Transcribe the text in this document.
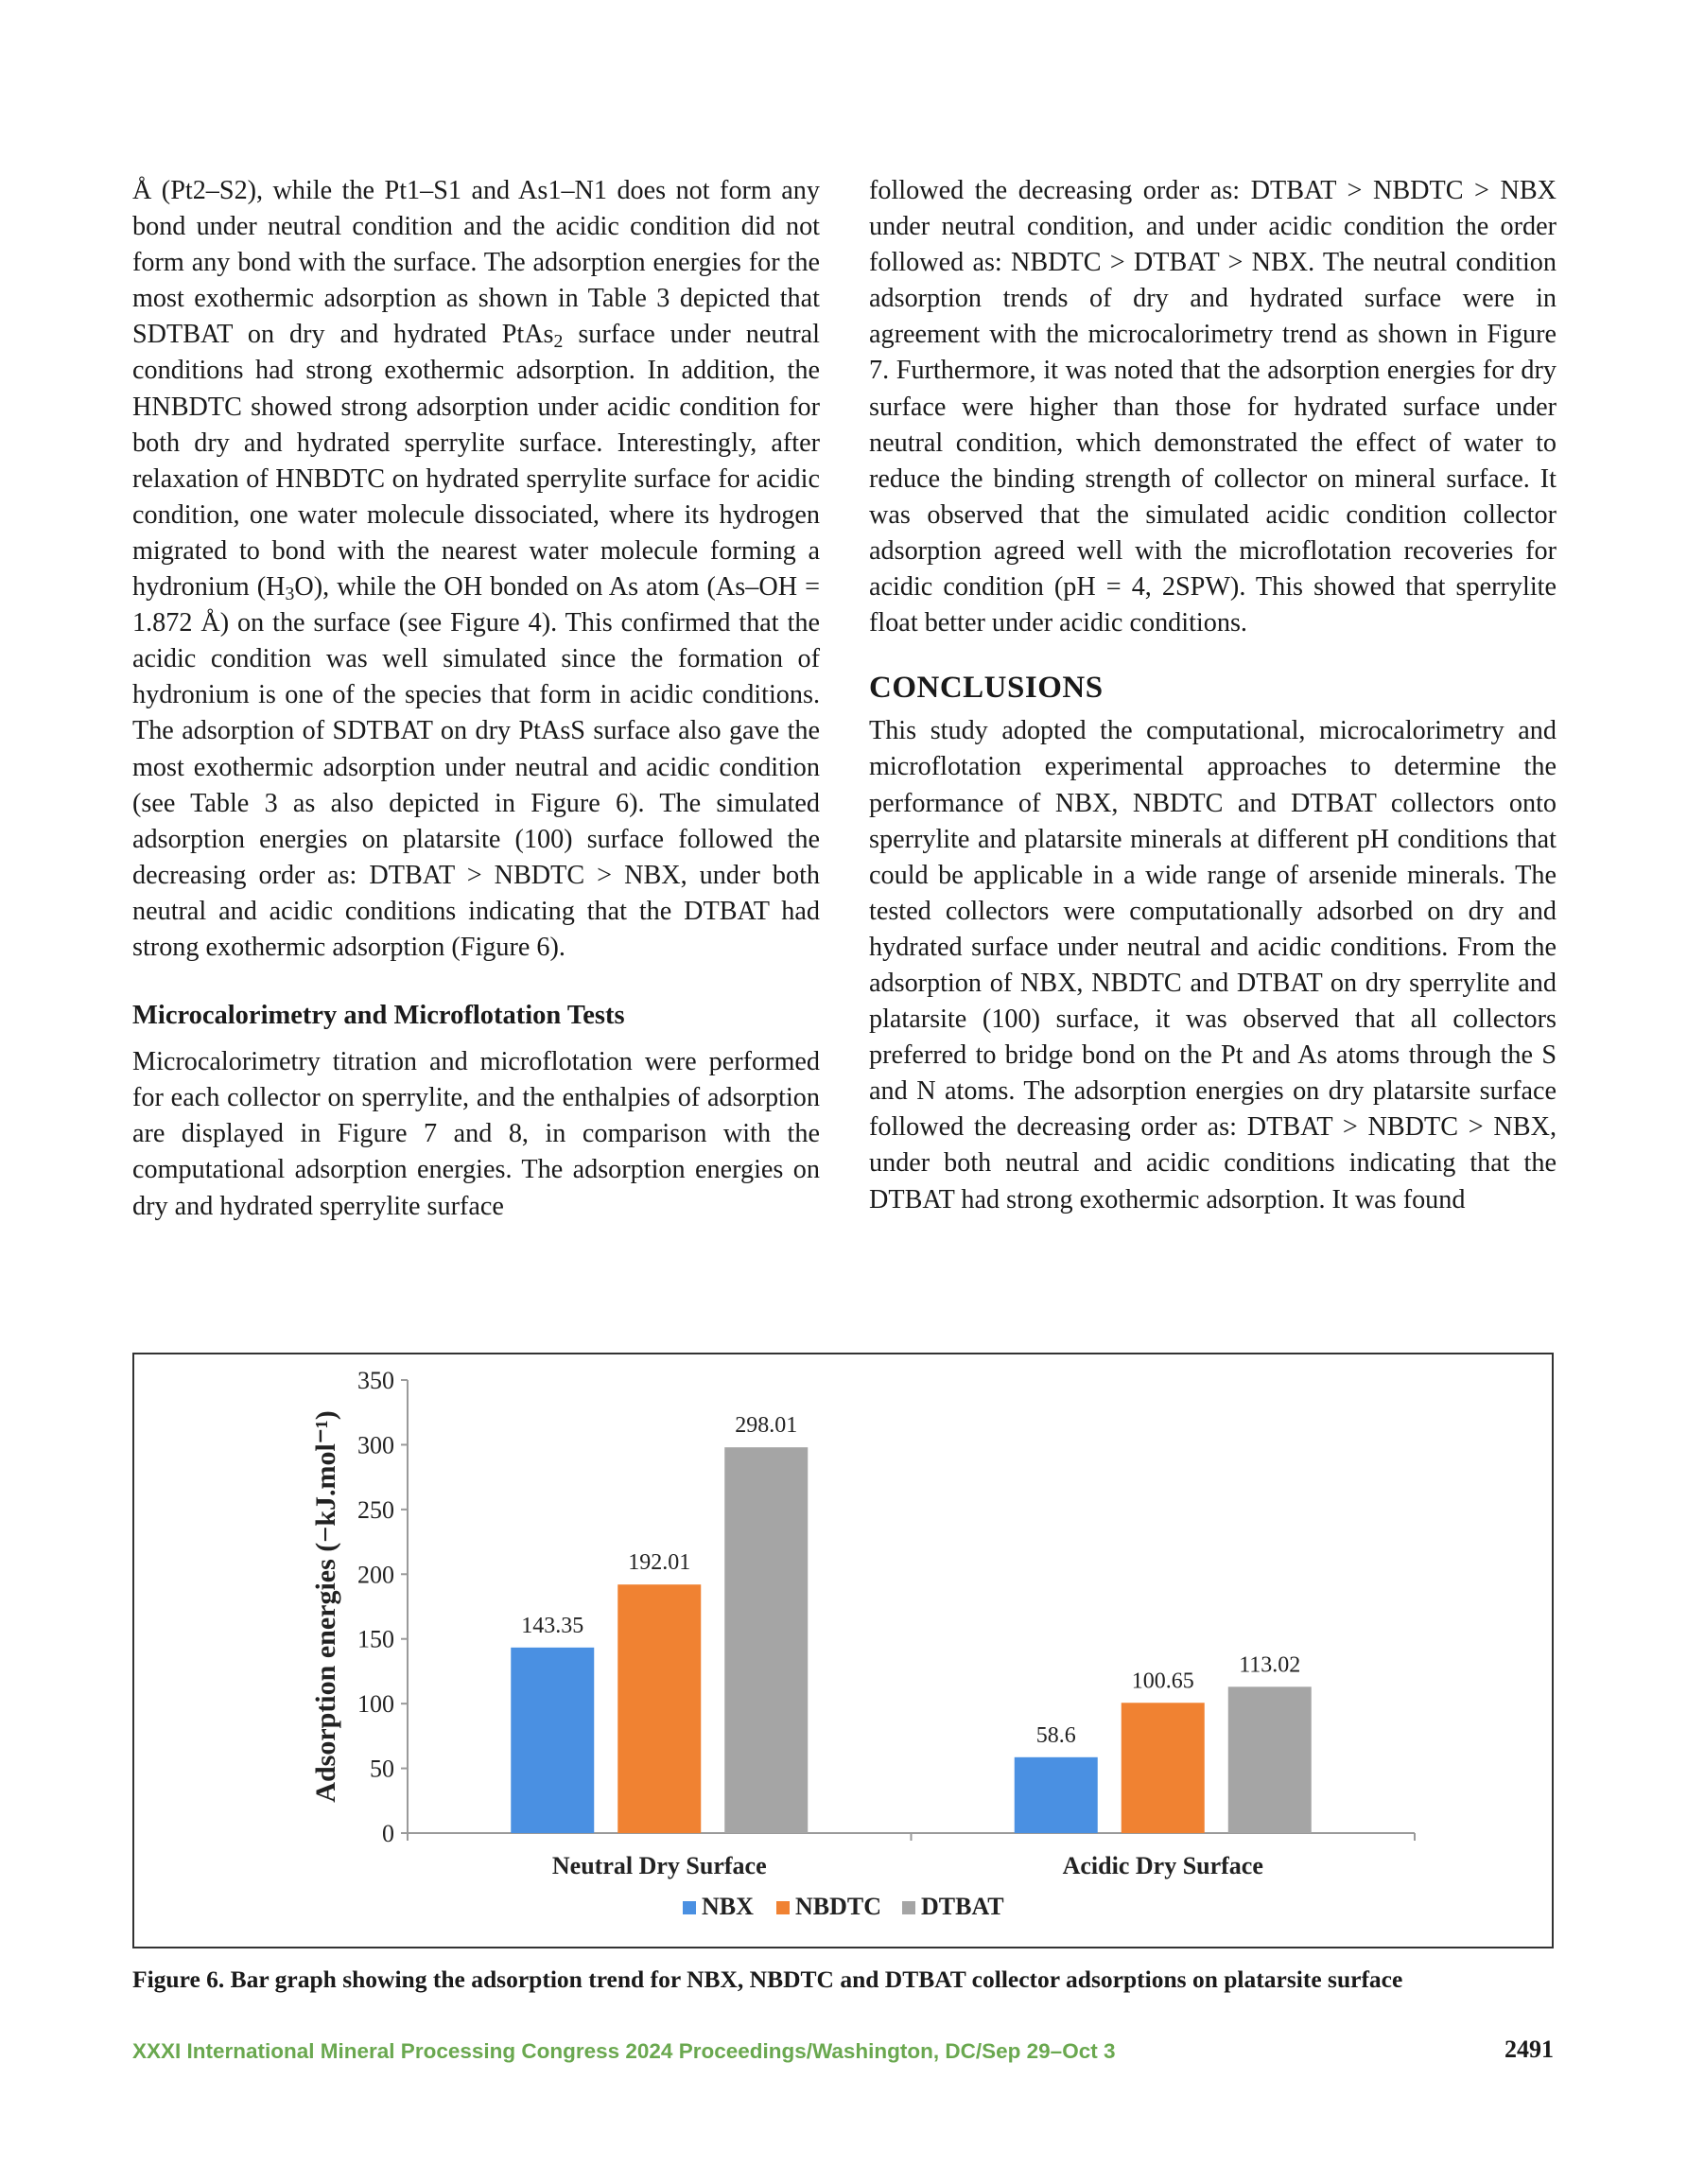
Å (Pt2–S2), while the Pt1–S1 and As1–N1 does not form any bond under neutral condition and the acidic condition did not form any bond with the surface. The adsorption energies for the most exothermic adsorption as shown in Table 3 depicted that SDTBAT on dry and hydrated PtAs$_2$ surface under neutral conditions had strong exothermic adsorption. In addition, the HNBDTC showed strong adsorption under acidic condition for both dry and hydrated sperrylite surface. Interestingly, after relaxation of HNBDTC on hydrated sperrylite surface for acidic condition, one water molecule dissociated, where its hydrogen migrated to bond with the nearest water molecule forming a hydronium $(H_3O)$, while the OH bonded on As atom (As–OH = 1.872 Å) on the surface (see Figure 4). This confirmed that the acidic condition was well simulated since the formation of hydronium is one of the species that form in acidic conditions. The adsorption of SDTBAT on dry PtAsS surface also gave the most exothermic adsorption under neutral and acidic condition (see Table 3 as also depicted in Figure 6). The simulated adsorption energies on platarsite (100) surface followed the decreasing order as: DTBAT > NBDTC > NBX, under both neutral and acidic conditions indicating that the DTBAT had strong exothermic adsorption (Figure 6).

Microcalorimetry and Microflotation Tests

Microcalorimetry titration and microflotation were performed for each collector on sperrylite, and the enthalpies of adsorption are displayed in Figure 7 and 8, in comparison with the computational adsorption energies. The adsorption energies on dry and hydrated sperrylite surface

followed the decreasing order as: DTBAT > NBDTC > NBX under neutral condition, and under acidic condition the order followed as: NBDTC > DTBAT > NBX. The neutral condition adsorption trends of dry and hydrated surface were in agreement with the microcalorimetry trend as shown in Figure 7. Furthermore, it was noted that the adsorption energies for dry surface were higher than those for hydrated surface under neutral condition, which demonstrated the effect of water to reduce the binding strength of collector on mineral surface. It was observed that the simulated acidic condition collector adsorption agreed well with the microflotation recoveries for acidic condition (pH = 4, 2SPW). This showed that sperrylite float better under acidic conditions.

CONCLUSIONS

This study adopted the computational, microcalorimetry and microflotation experimental approaches to determine the performance of NBX, NBDTC and DTBAT collectors onto sperrylite and platarsite minerals at different pH conditions that could be applicable in a wide range of arsenide minerals. The tested collectors were computationally adsorbed on dry and hydrated surface under neutral and acidic conditions. From the adsorption of NBX, NBDTC and DTBAT on dry sperrylite and platarsite (100) surface, it was observed that all collectors preferred to bridge bond on the Pt and As atoms through the S and N atoms. The adsorption energies on dry platarsite surface followed the decreasing order as: DTBAT > NBDTC > NBX, under both neutral and acidic conditions indicating that the DTBAT had strong exothermic adsorption. It was found

0
50
100
150
200
250
300
350
143.35
192.01
298.01
Neutral Dry Surface
58.6
100.65
113.02
Acidic Dry Surface
Adsorption energies (−kJ.mol⁻¹)
NBX NBDTC DTBAT
Figure 6. Bar graph showing the adsorption trend for NBX, NBDTC and DTBAT collector adsorptions on platarsite surface
XXXI International Mineral Processing Congress 2024 Proceedings/Washington, DC/Sep 29–Oct 3	2491
